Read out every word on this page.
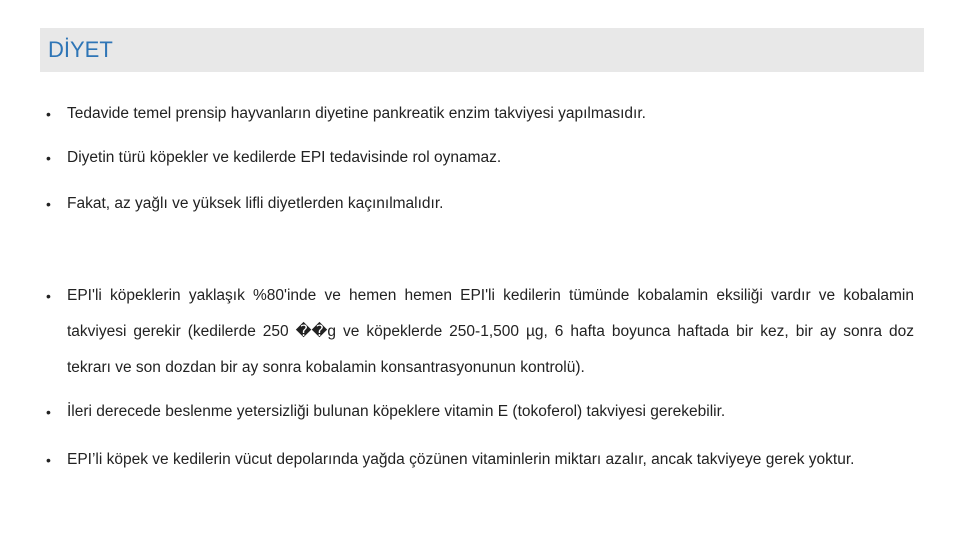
DİYET
•	Tedavide temel prensip hayvanların diyetine pankreatik enzim takviyesi yapılmasıdır.
•	Diyetin türü köpekler ve kedilerde EPI tedavisinde rol oynamaz.
•	Fakat, az yağlı ve yüksek lifli diyetlerden kaçınılmalıdır.
•	EPI'li köpeklerin yaklaşık %80'inde ve hemen hemen EPI'li kedilerin tümünde kobalamin eksiliği vardır ve kobalamin takviyesi gerekir (kedilerde 250 ��g ve köpeklerde 250-1,500 µg, 6 hafta boyunca haftada bir kez, bir ay sonra doz tekrarı ve son dozdan bir ay sonra kobalamin konsantrasyonunun kontrolü).
•	İleri derecede beslenme yetersizliği bulunan köpeklere vitamin E (tokoferol) takviyesi gerekebilir.
•	EPI’li köpek ve kedilerin vücut depolarında yağda çözünen vitaminlerin miktarı azalır, ancak takviyeye gerek yoktur.
